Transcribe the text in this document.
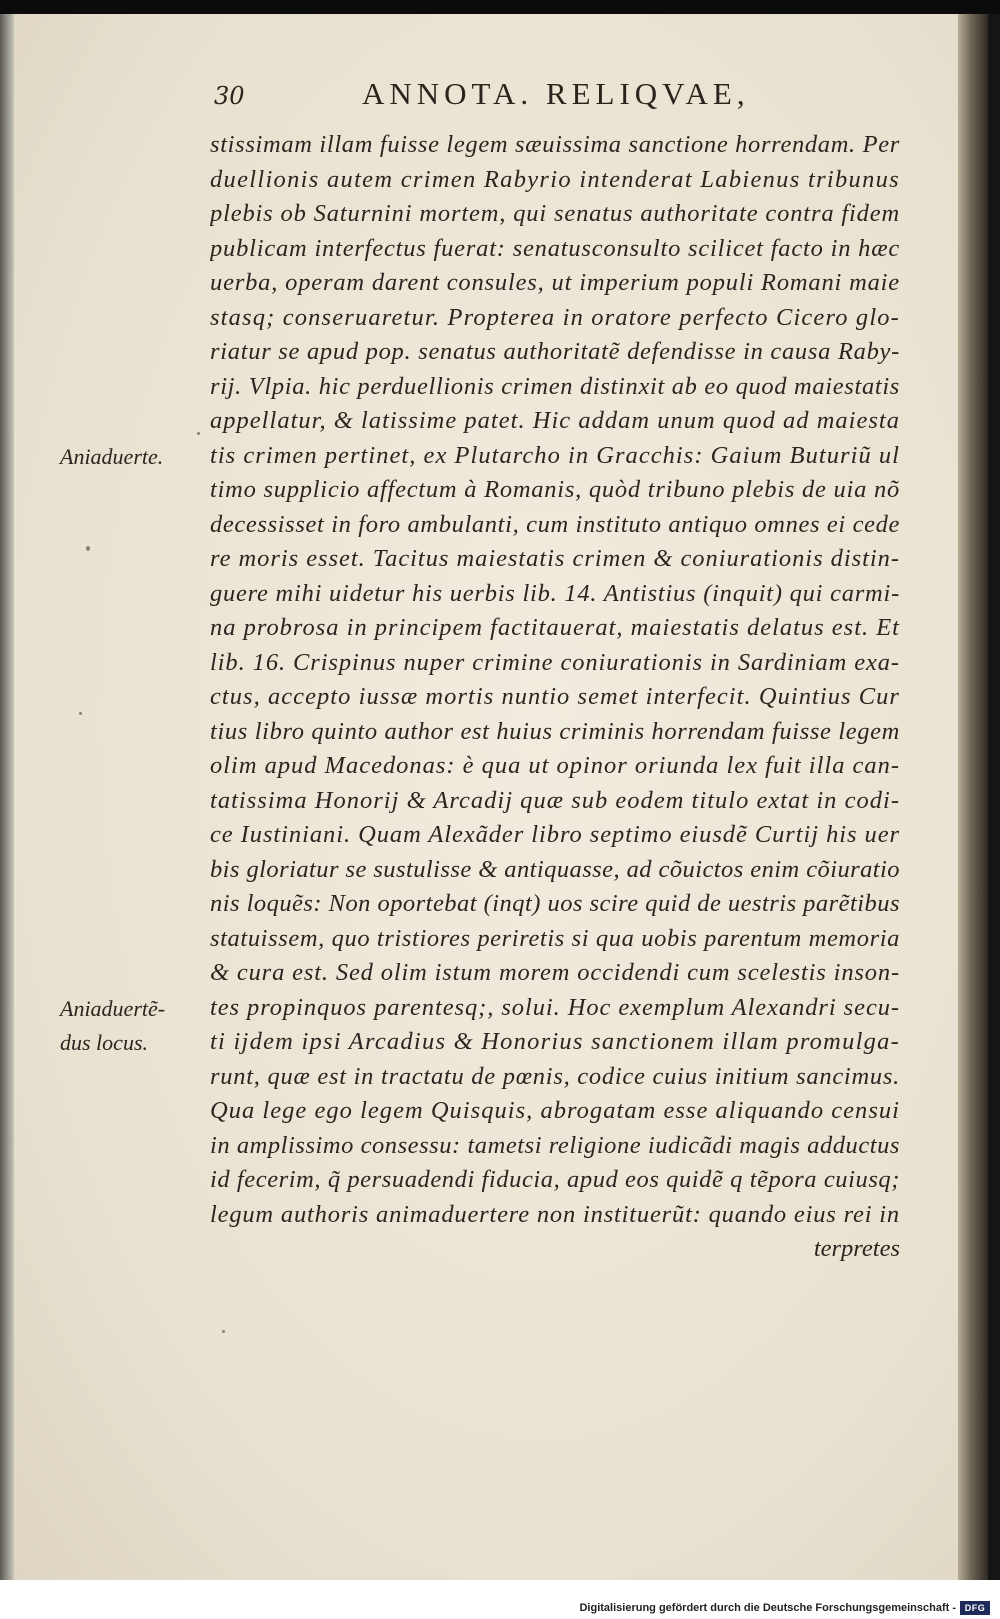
30	ANNOTA. RELIQVAE,
stissimam illam fuisse legem sæuissima sanctione horrendam. Per
duellionis autem crimen Rabyrio intenderat Labienus tribunus
plebis ob Saturnini mortem, qui senatus authoritate contra fidem
publicam interfectus fuerat: senatusconsulto scilicet facto in hæc
uerba, operam darent consules, ut imperium populi Romani maie
stasq; conseruaretur. Propterea in oratore perfecto Cicero glo-
riatur se apud pop. senatus authoritatẽ defendisse in causa Raby-
rij. Vlpia. hic perduellionis crimen distinxit ab eo quod maiestatis
appellatur, & latissime patet. Hic addam unum quod ad maiesta
tis crimen pertinet, ex Plutarcho in Gracchis: Gaium Buturiũ ul
timo supplicio affectum à Romanis, quòd tribuno plebis de uia nõ
decessisset in foro ambulanti, cum instituto antiquo omnes ei cede
re moris esset. Tacitus maiestatis crimen & coniurationis distin-
guere mihi uidetur his uerbis lib. 14. Antistius (inquit) qui carmi-
na probrosa in principem factitauerat, maiestatis delatus est. Et
lib. 16. Crispinus nuper crimine coniurationis in Sardiniam exa-
ctus, accepto iussæ mortis nuntio semet interfecit. Quintius Cur
tius libro quinto author est huius criminis horrendam fuisse legem
olim apud Macedonas: è qua ut opinor oriunda lex fuit illa can-
tatissima Honorij & Arcadij quæ sub eodem titulo extat in codi-
ce Iustiniani. Quam Alexãder libro septimo eiusdẽ Curtij his uer
bis gloriatur se sustulisse & antiquasse, ad cõuictos enim cõiuratio
nis loquẽs: Non oportebat (inqt) uos scire quid de uestris parẽtibus
statuissem, quo tristiores periretis si qua uobis parentum memoria
& cura est. Sed olim istum morem occidendi cum scelestis inson-
tes propinquos parentesq;, solui. Hoc exemplum Alexandri secu-
ti ijdem ipsi Arcadius & Honorius sanctionem illam promulga-
runt, quæ est in tractatu de pœnis, codice cuius initium sancimus.
Qua lege ego legem Quisquis, abrogatam esse aliquando censui
in amplissimo consessu: tametsi religione iudicãdi magis adductus
id fecerim, q̃ persuadendi fiducia, apud eos quidẽ q tẽpora cuiusq;
legum authoris animaduertere non instituerũt: quando eius rei in
terpretes
Aniaduerte.
Aniaduertẽ-
dus locus.
Digitalisierung gefördert durch die Deutsche Forschungsgemeinschaft - DFG
